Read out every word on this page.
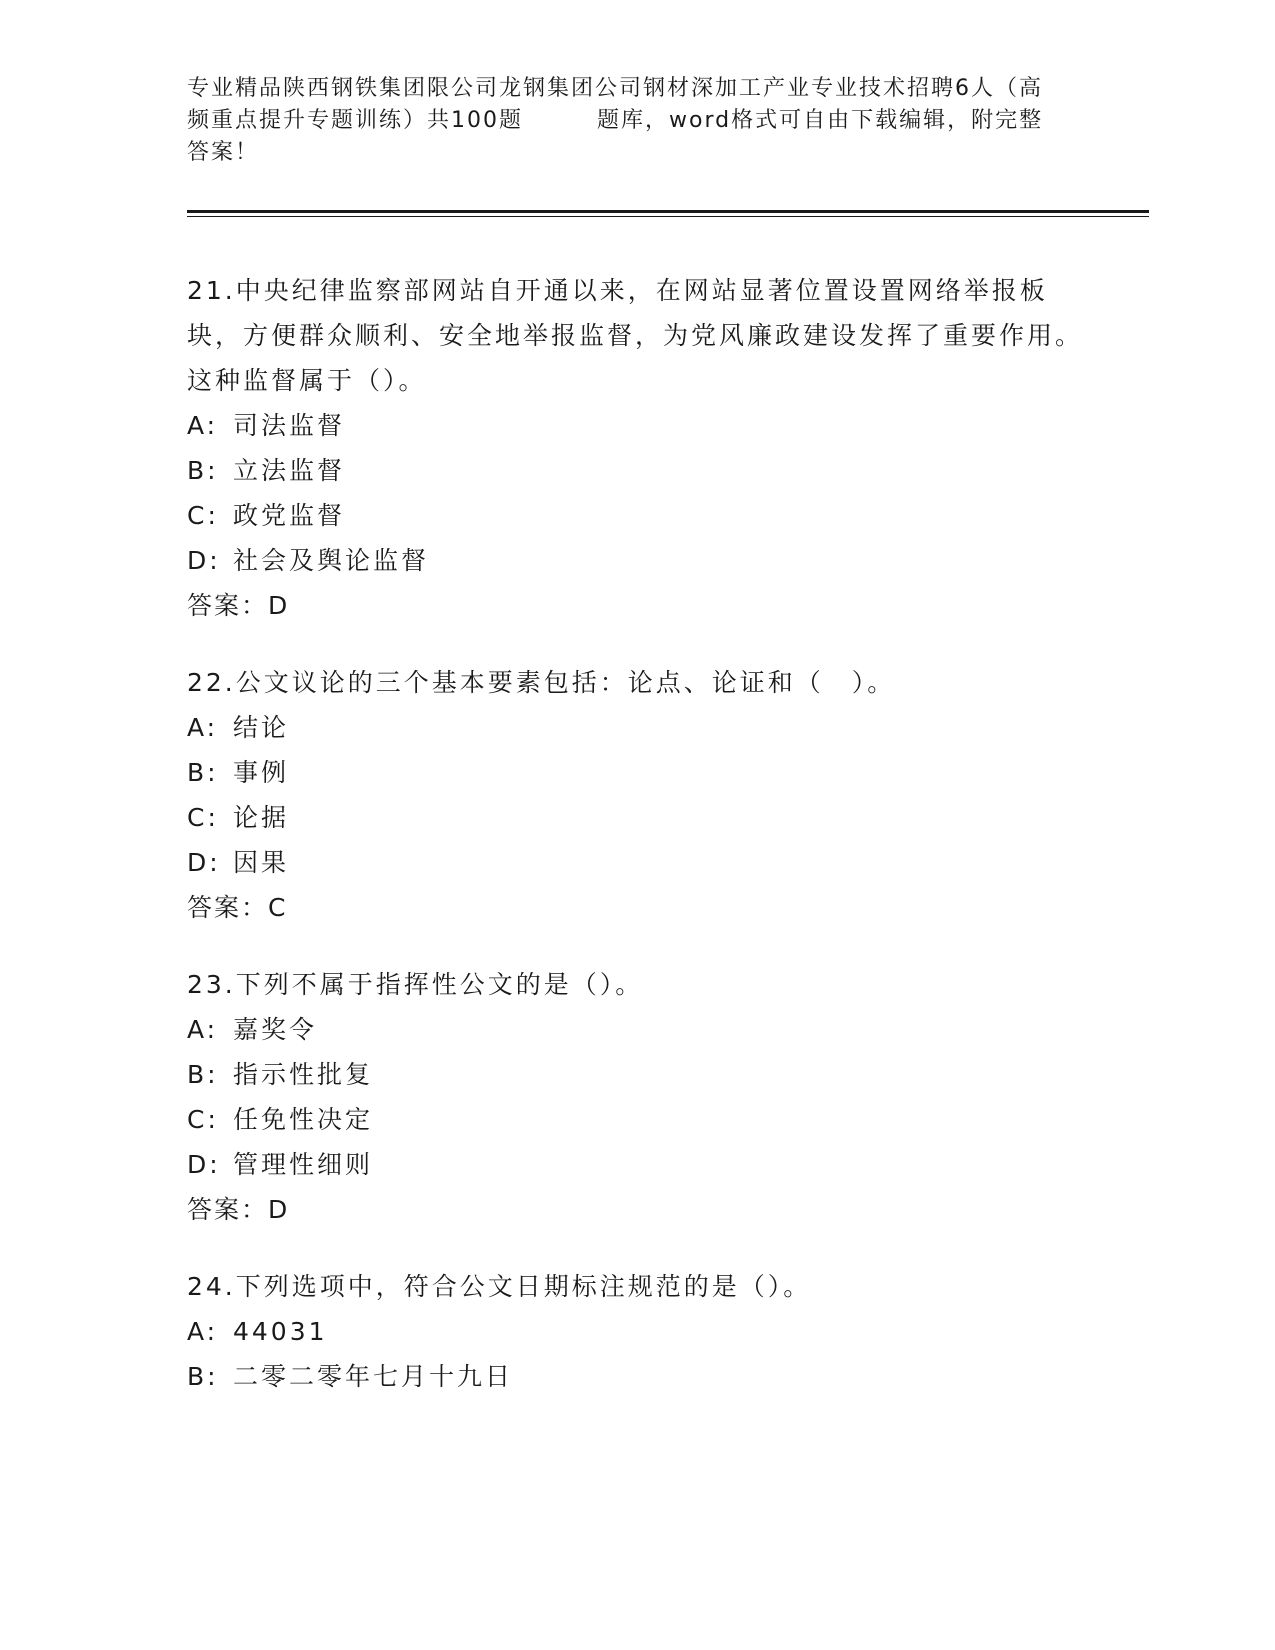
专业精品陕西钢铁集团限公司龙钢集团公司钢材深加工产业专业技术招聘6人（高
频重点提升专题训练）共100题	题库，word格式可自由下载编辑，附完整
答案！

21.中央纪律监察部网站自开通以来，在网站显著位置设置网络举报板块，方便群众顺利、安全地举报监督，为党风廉政建设发挥了重要作用。这种监督属于（）。

A: 司法监督

B: 立法监督

C: 政党监督

D: 社会及舆论监督

答案：D

22.公文议论的三个基本要素包括：论点、论证和（　）。

A: 结论

B: 事例

C: 论据

D: 因果

答案：C

23.下列不属于指挥性公文的是（）。

A: 嘉奖令

B: 指示性批复

C: 任免性决定

D: 管理性细则

答案：D

24.下列选项中，符合公文日期标注规范的是（）。

A: 44031

B: 二零二零年七月十九日
